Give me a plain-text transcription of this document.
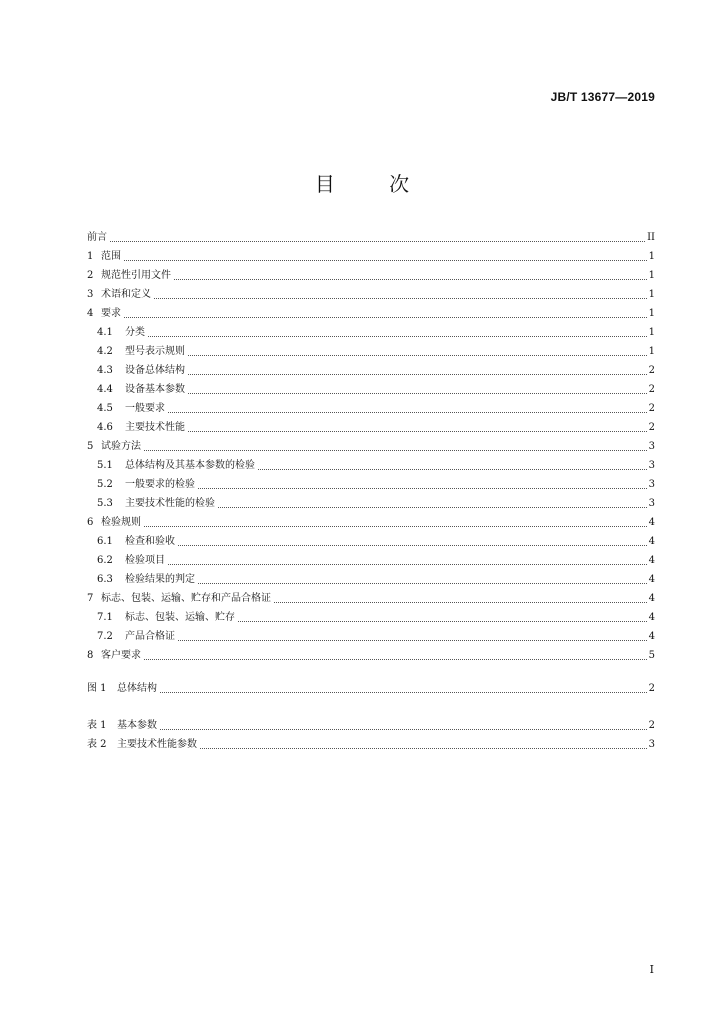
JB/T 13677—2019
目	次
前言	II
1 范围	1
2 规范性引用文件	1
3 术语和定义	1
4 要求	1
4.1	分类	1
4.2	型号表示规则	1
4.3	设备总体结构	2
4.4	设备基本参数	2
4.5	一般要求	2
4.6	主要技术性能	2
5 试验方法	3
5.1	总体结构及其基本参数的检验	3
5.2	一般要求的检验	3
5.3	主要技术性能的检验	3
6 检验规则	4
6.1	检查和验收	4
6.2	检验项目	4
6.3	检验结果的判定	4
7 标志、包装、运输、贮存和产品合格证	4
7.1	标志、包装、运输、贮存	4
7.2	产品合格证	4
8 客户要求	5
图 1	总体结构	2
表 1	基本参数	2
表 2	主要技术性能参数	3
I
